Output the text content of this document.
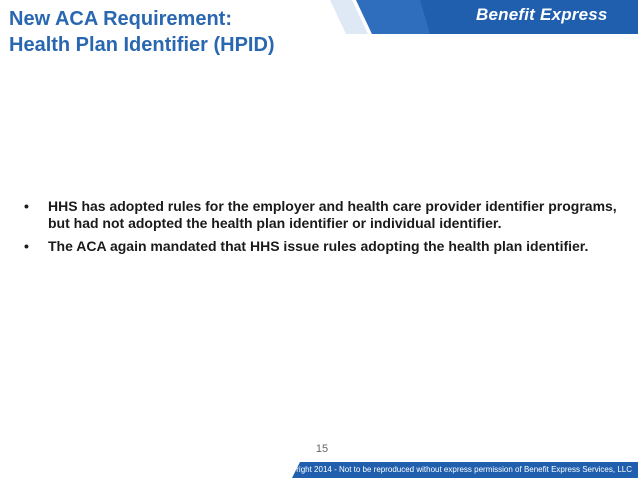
Benefit Express
New ACA Requirement:
Health Plan Identifier (HPID)
• HHS has adopted rules for the employer and health care provider identifier programs, but had not adopted the health plan identifier or individual identifier.
• The ACA again mandated that HHS issue rules adopting the health plan identifier.
15
Copyright 2014 - Not to be reproduced without express permission of Benefit Express Services, LLC
